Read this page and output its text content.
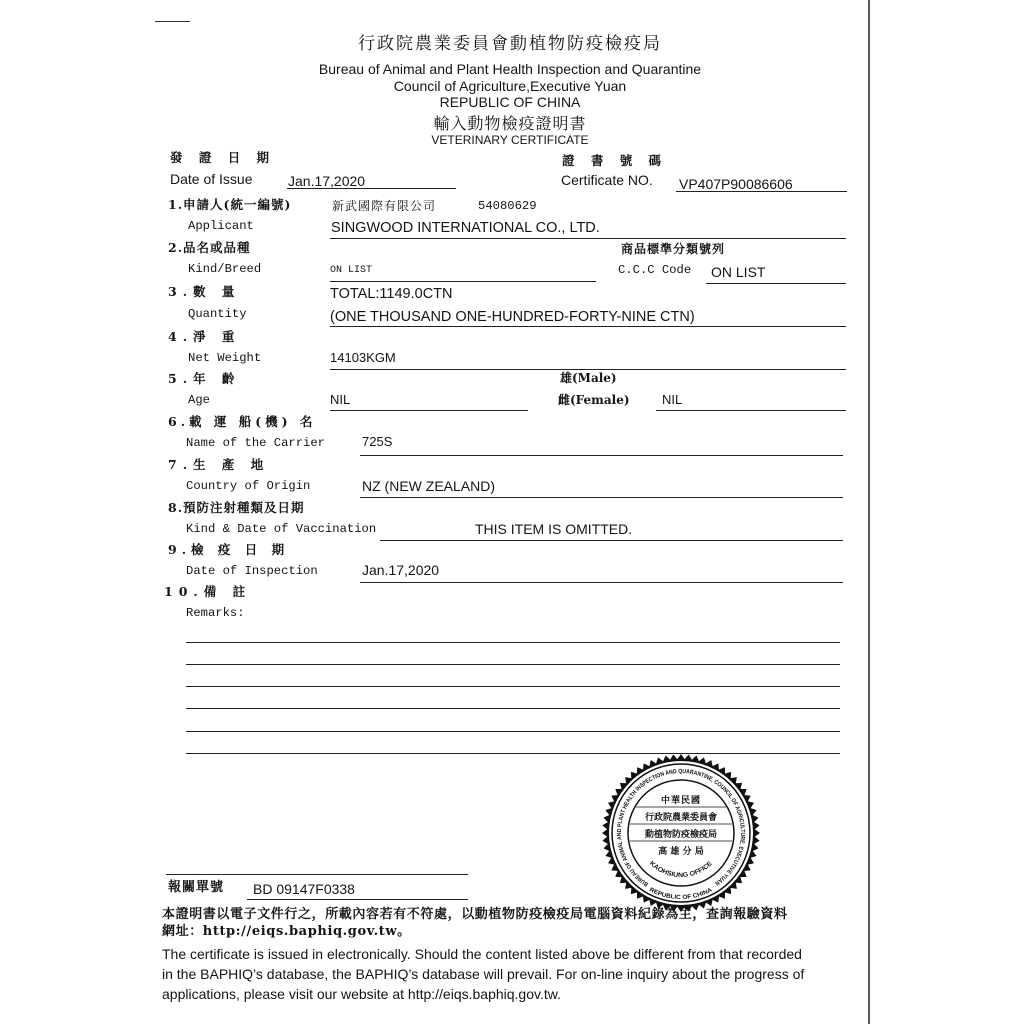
行政院農業委員會動植物防疫檢疫局
Bureau of Animal and Plant Health Inspection and Quarantine
Council of Agriculture,Executive Yuan
REPUBLIC OF CHINA
輸入動物檢疫證明書
VETERINARY CERTIFICATE
發 證 日 期	證 書 號 碼
Date of Issue	Jan.17,2020	Certificate NO. VP407P90086606
1.申請人(統一編號)	新武國際有限公司	54080629
Applicant	SINGWOOD INTERNATIONAL CO., LTD.
2.品名或品種	商品標準分類號列
Kind/Breed	ON LIST	C.C.C Code ON LIST
3.數 量	TOTAL:1149.0CTN
Quantity	(ONE THOUSAND ONE-HUNDRED-FORTY-NINE CTN)
4.淨 重
Net Weight	14103KGM
5.年 齡	雄(Male)
Age	NIL	雌(Female) NIL
6.載 運 船(機) 名
Name of the Carrier	725S
7.生 產 地
Country of Origin	NZ (NEW ZEALAND)
8.預防注射種類及日期
Kind & Date of Vaccination	THIS ITEM IS OMITTED.
9.檢 疫 日 期
Date of Inspection	Jan.17,2020
10.備 註
Remarks:
BUREAU OF ANIMAL AND PLANT HEALTH INSPECTION AND QUARANTINE, COUNCIL OF AGRICULTURE, EXECUTIVE YUAN
REPUBLIC OF CHINA
中華民國
行政院農業委員會
動植物防疫檢疫局
高 雄 分 局
KAOHSIUNG OFFICE
報關單號 BD 09147F0338
本證明書以電子文件行之，所載內容若有不符處，以動植物防疫檢疫局電腦資料紀錄為主，查詢報驗資料
網址：http://eiqs.baphiq.gov.tw。
The certificate is issued in electronically. Should the content listed above be different from that recorded
in the BAPHIQ’s database, the BAPHIQ’s database will prevail. For on-line inquiry about the progress of
applications, please visit our website at http://eiqs.baphiq.gov.tw.
